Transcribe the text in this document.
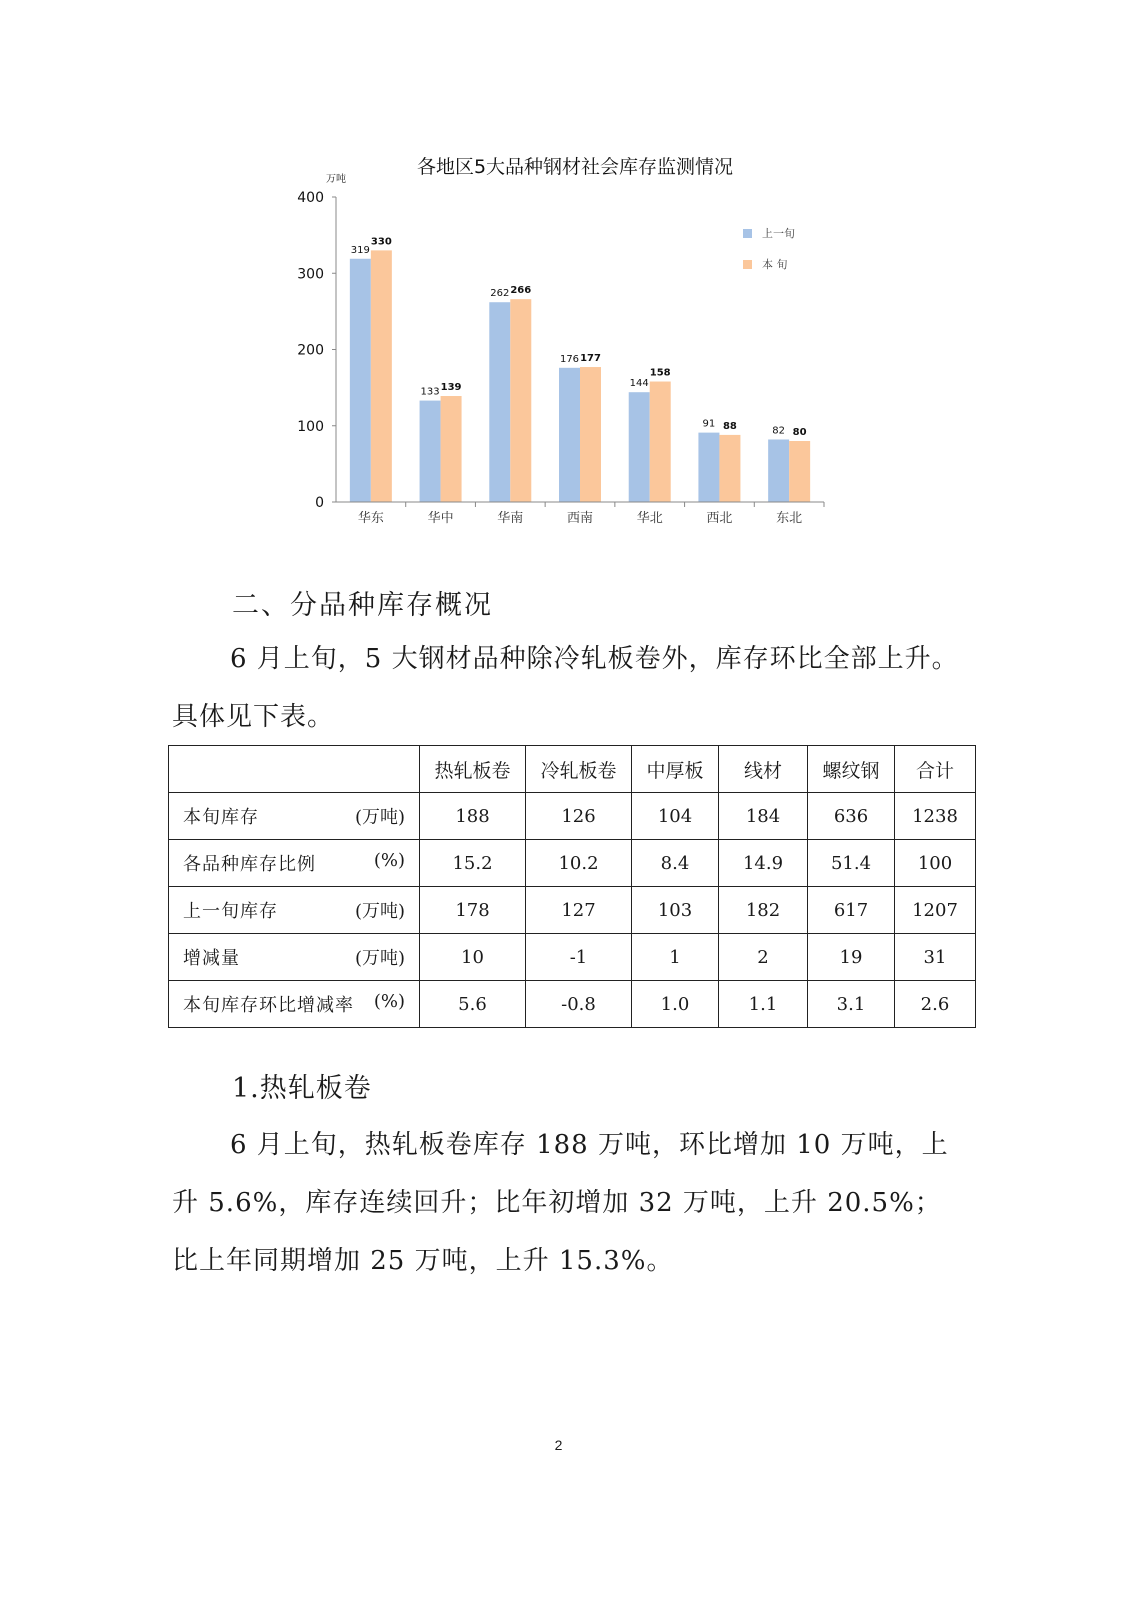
各地区5大品种钢材社会库存监测情况
万吨
0
100
200
300
400
319
330
133 139
262 266
176 177
144
158
91 88	82 80
华东	华中	华南	西南	华北	西北	东北
上一旬
本 旬
二、分品种库存概况

6 月上旬，5 大钢材品种除冷轧板卷外，库存环比全部上升。具体见下表。

	热轧板卷	冷轧板卷	中厚板	线材	螺纹钢	合计

本旬库存 (万吨)	188	126	104	184	636	1238

各品种库存比例 (%)	15.2	10.2	8.4	14.9	51.4	100

上一旬库存 (万吨)	178	127	103	182	617	1207

增减量 (万吨)	10	-1	1	2	19	31

本旬库存环比增减率 (%)	5.6	-0.8	1.0	1.1	3.1	2.6
1.热轧板卷

6 月上旬，热轧板卷库存 188 万吨，环比增加 10 万吨，上升 5.6%，库存连续回升；比年初增加 32 万吨，上升 20.5%；比上年同期增加 25 万吨，上升 15.3%。

2
